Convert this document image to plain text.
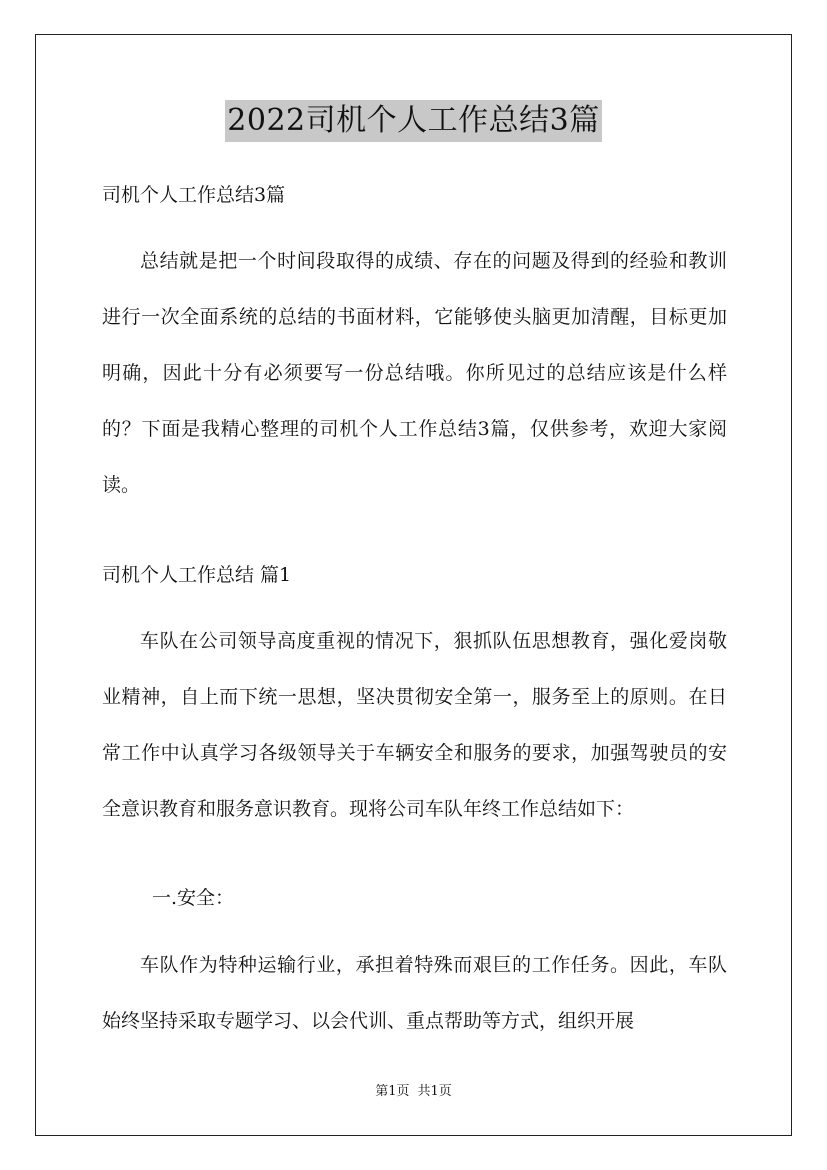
2022司机个人工作总结3篇
司机个人工作总结3篇

总结就是把一个时间段取得的成绩、存在的问题及得到的经验和教训进行一次全面系统的总结的书面材料，它能够使头脑更加清醒，目标更加明确，因此十分有必须要写一份总结哦。你所见过的总结应该是什么样的？下面是我精心整理的司机个人工作总结3篇，仅供参考，欢迎大家阅读。

司机个人工作总结 篇1

车队在公司领导高度重视的情况下，狠抓队伍思想教育，强化爱岗敬业精神，自上而下统一思想，坚决贯彻安全第一，服务至上的原则。在日常工作中认真学习各级领导关于车辆安全和服务的要求，加强驾驶员的安全意识教育和服务意识教育。现将公司车队年终工作总结如下：

一.安全：

车队作为特种运输行业，承担着特殊而艰巨的工作任务。因此，车队始终坚持采取专题学习、以会代训、重点帮助等方式，组织开展

第1页 共1页
